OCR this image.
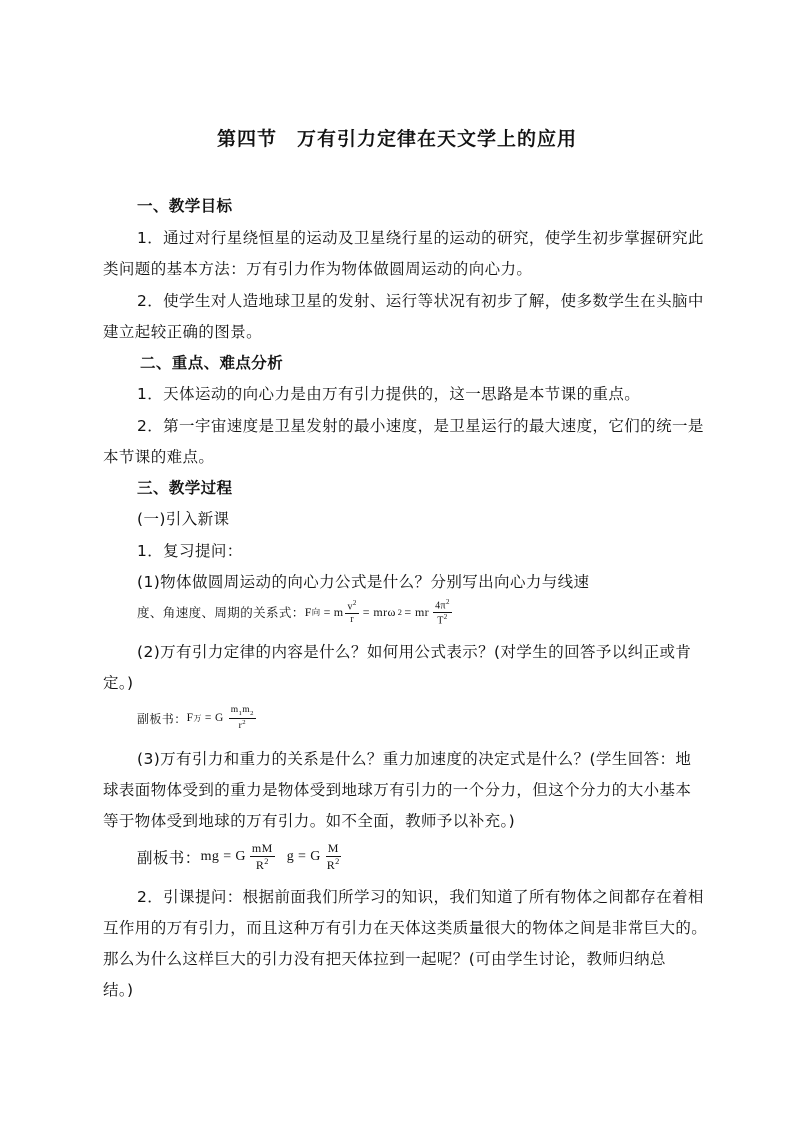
第四节　万有引力定律在天文学上的应用
一、教学目标
1．通过对行星绕恒星的运动及卫星绕行星的运动的研究，使学生初步掌握研究此
类问题的基本方法：万有引力作为物体做圆周运动的向心力。
2．使学生对人造地球卫星的发射、运行等状况有初步了解，使多数学生在头脑中
建立起较正确的图景。
二、重点、难点分析
1．天体运动的向心力是由万有引力提供的，这一思路是本节课的重点。
2．第一宇宙速度是卫星发射的最小速度，是卫星运行的最大速度，它们的统一是
本节课的难点。
三、教学过程
(一)引入新课
1．复习提问：
(1)物体做圆周运动的向心力公式是什么？分别写出向心力与线速
度、角速度、周期的关系式： F 向 = m $\frac{v^2}{r} = mr\omega$ 2 = mr $\frac{4\pi^2}{T^2}$
(2)万有引力定律的内容是什么？如何用公式表示？(对学生的回答予以纠正或肯
定。)
副板书： F 万 = G $\frac{m_1m_2}{r^2}$
(3)万有引力和重力的关系是什么？重力加速度的决定式是什么？(学生回答：地
球表面物体受到的重力是物体受到地球万有引力的一个分力，但这个分力的大小基本
等于物体受到地球的万有引力。如不全面，教师予以补充。)
副板书： mg = G $\frac{mM}{R^2}$ g = G $\frac{M}{R^2}$
2．引课提问：根据前面我们所学习的知识，我们知道了所有物体之间都存在着相
互作用的万有引力，而且这种万有引力在天体这类质量很大的物体之间是非常巨大的。
那么为什么这样巨大的引力没有把天体拉到一起呢？(可由学生讨论，教师归纳总
结。)
